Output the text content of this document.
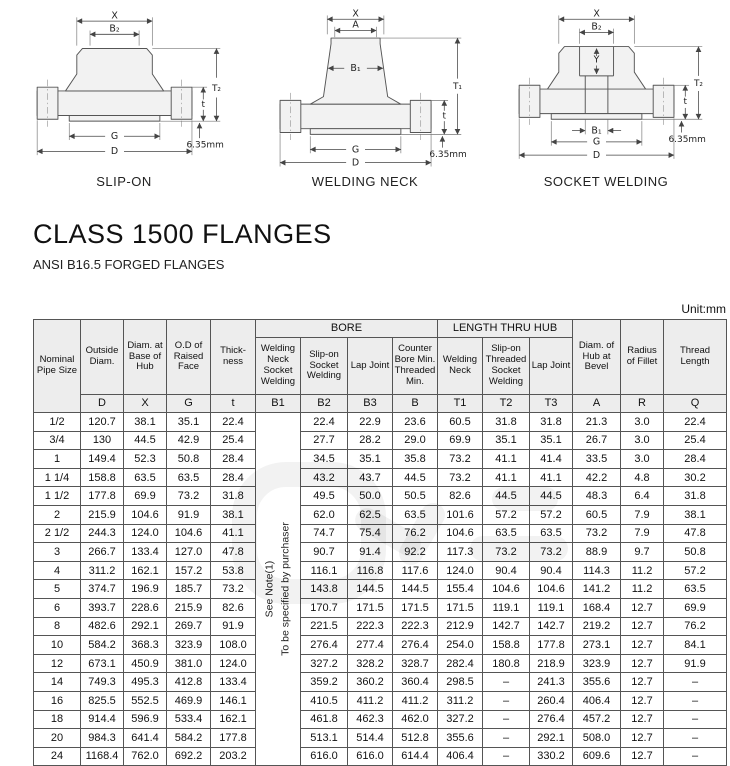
X
B₂
G
D
T₂
t
6.35mm
SLIP-ON
X
A
B₁
G
D
T₁
t
6.35mm
WELDING NECK
X
B₂
Y
B₁
G
D
T₂
t
6.35mm
SOCKET WELDING
CLASS 1500 FLANGES
ANSI B16.5 FORGED FLANGES
Unit:mm
Nominal Pipe Size	Outside Diam.	Diam. at Base of Hub	O.D of Raised Face	Thick-ness	BORE				LENGTH THRU HUB			Diam. of Hub at Bevel	Radius of Fillet	Thread Length
					Welding Neck Socket Welding	Slip-on Socket Welding	Lap Joint	Counter Bore Min. Threaded Min.	Welding Neck	Slip-on Threaded Socket Welding	Lap Joint			
	D	X	G	t	B1	B2	B3	B	T1	T2	T3	A	R	Q
1/2	120.7	38.1	35.1	22.4	See Note(1) To be specified by purchaser	22.4	22.9	23.6	60.5	31.8	31.8	21.3	3.0	22.4
3/4	130	44.5	42.9	25.4		27.7	28.2	29.0	69.9	35.1	35.1	26.7	3.0	25.4
1	149.4	52.3	50.8	28.4		34.5	35.1	35.8	73.2	41.1	41.4	33.5	3.0	28.4
1 1/4	158.8	63.5	63.5	28.4		43.2	43.7	44.5	73.2	41.1	41.1	42.2	4.8	30.2
1 1/2	177.8	69.9	73.2	31.8		49.5	50.0	50.5	82.6	44.5	44.5	48.3	6.4	31.8
2	215.9	104.6	91.9	38.1		62.0	62.5	63.5	101.6	57.2	57.2	60.5	7.9	38.1
2 1/2	244.3	124.0	104.6	41.1		74.7	75.4	76.2	104.6	63.5	63.5	73.2	7.9	47.8
3	266.7	133.4	127.0	47.8		90.7	91.4	92.2	117.3	73.2	73.2	88.9	9.7	50.8
4	311.2	162.1	157.2	53.8		116.1	116.8	117.6	124.0	90.4	90.4	114.3	11.2	57.2
5	374.7	196.9	185.7	73.2		143.8	144.5	144.5	155.4	104.6	104.6	141.2	11.2	63.5
6	393.7	228.6	215.9	82.6		170.7	171.5	171.5	171.5	119.1	119.1	168.4	12.7	69.9
8	482.6	292.1	269.7	91.9		221.5	222.3	222.3	212.9	142.7	142.7	219.2	12.7	76.2
10	584.2	368.3	323.9	108.0		276.4	277.4	276.4	254.0	158.8	177.8	273.1	12.7	84.1
12	673.1	450.9	381.0	124.0		327.2	328.2	328.7	282.4	180.8	218.9	323.9	12.7	91.9
14	749.3	495.3	412.8	133.4		359.2	360.2	360.4	298.5	–	241.3	355.6	12.7	–
16	825.5	552.5	469.9	146.1		410.5	411.2	411.2	311.2	–	260.4	406.4	12.7	–
18	914.4	596.9	533.4	162.1		461.8	462.3	462.0	327.2	–	276.4	457.2	12.7	–
20	984.3	641.4	584.2	177.8		513.1	514.4	512.8	355.6	–	292.1	508.0	12.7	–
24	1168.4	762.0	692.2	203.2		616.0	616.0	614.4	406.4	–	330.2	609.6	12.7	–
